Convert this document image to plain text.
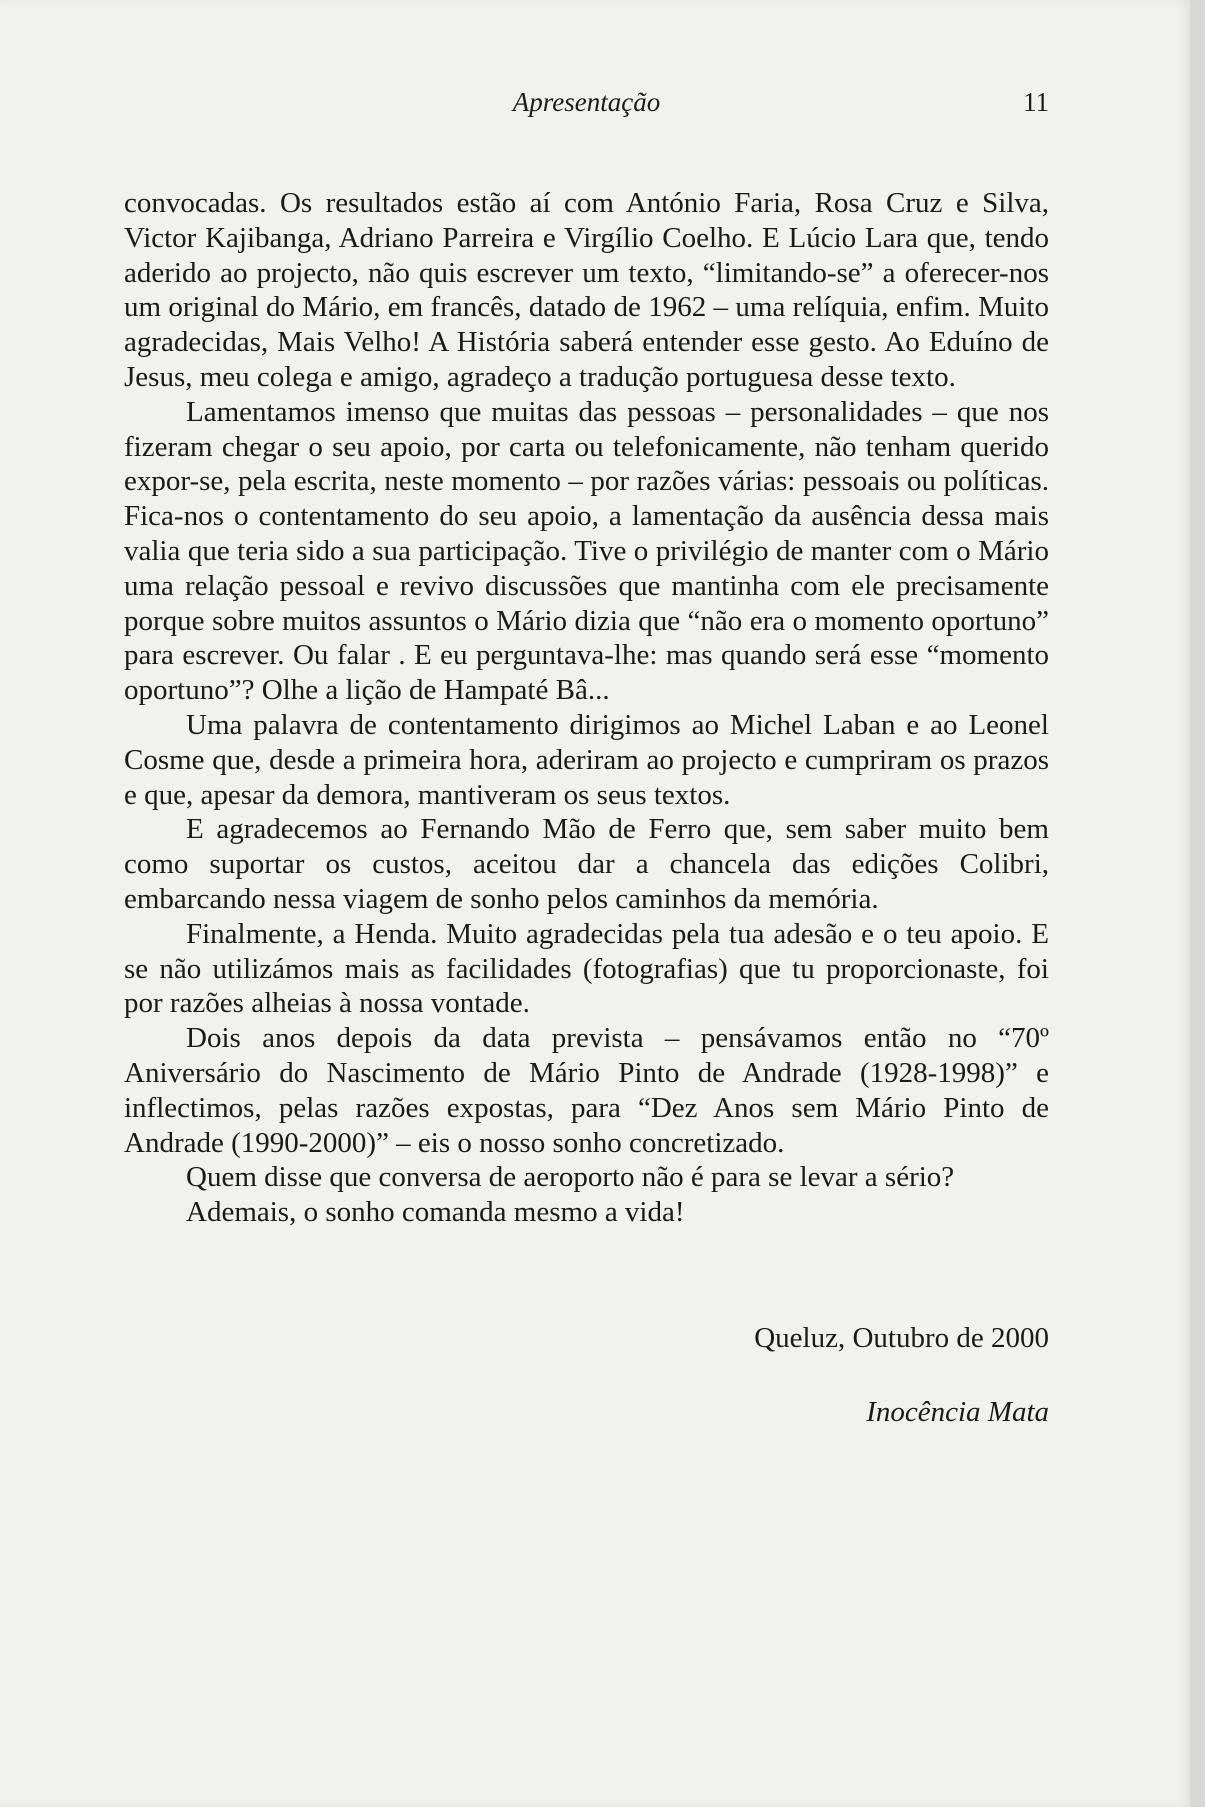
Apresentação	11

convocadas. Os resultados estão aí com António Faria, Rosa Cruz e Silva, Victor Kajibanga, Adriano Parreira e Virgílio Coelho. E Lúcio Lara que, tendo aderido ao projecto, não quis escrever um texto, “limitando-se” a oferecer-nos um original do Mário, em francês, datado de 1962 – uma relíquia, enfim. Muito agradecidas, Mais Velho! A História saberá entender esse gesto. Ao Eduíno de Jesus, meu colega e amigo, agradeço a tradução portuguesa desse texto.

Lamentamos imenso que muitas das pessoas – personalidades – que nos fizeram chegar o seu apoio, por carta ou telefonicamente, não tenham querido expor-se, pela escrita, neste momento – por razões várias: pessoais ou políticas. Fica-nos o contentamento do seu apoio, a lamentação da ausência dessa mais valia que teria sido a sua participação. Tive o privilégio de manter com o Mário uma relação pessoal e revivo discussões que mantinha com ele precisamente porque sobre muitos assuntos o Mário dizia que “não era o momento oportuno” para escrever. Ou falar . E eu perguntava-lhe: mas quando será esse “momento oportuno”? Olhe a lição de Hampaté Bâ...

Uma palavra de contentamento dirigimos ao Michel Laban e ao Leonel Cosme que, desde a primeira hora, aderiram ao projecto e cumpriram os prazos e que, apesar da demora, mantiveram os seus textos.

E agradecemos ao Fernando Mão de Ferro que, sem saber muito bem como suportar os custos, aceitou dar a chancela das edições Colibri, embarcando nessa viagem de sonho pelos caminhos da memória.

Finalmente, a Henda. Muito agradecidas pela tua adesão e o teu apoio. E se não utilizámos mais as facilidades (fotografias) que tu proporcionaste, foi por razões alheias à nossa vontade.

Dois anos depois da data prevista – pensávamos então no “70º Aniversário do Nascimento de Mário Pinto de Andrade (1928-1998)” e inflectimos, pelas razões expostas, para “Dez Anos sem Mário Pinto de Andrade (1990-2000)” – eis o nosso sonho concretizado.

Quem disse que conversa de aeroporto não é para se levar a sério?

Ademais, o sonho comanda mesmo a vida!

Queluz, Outubro de 2000
Inocência Mata
